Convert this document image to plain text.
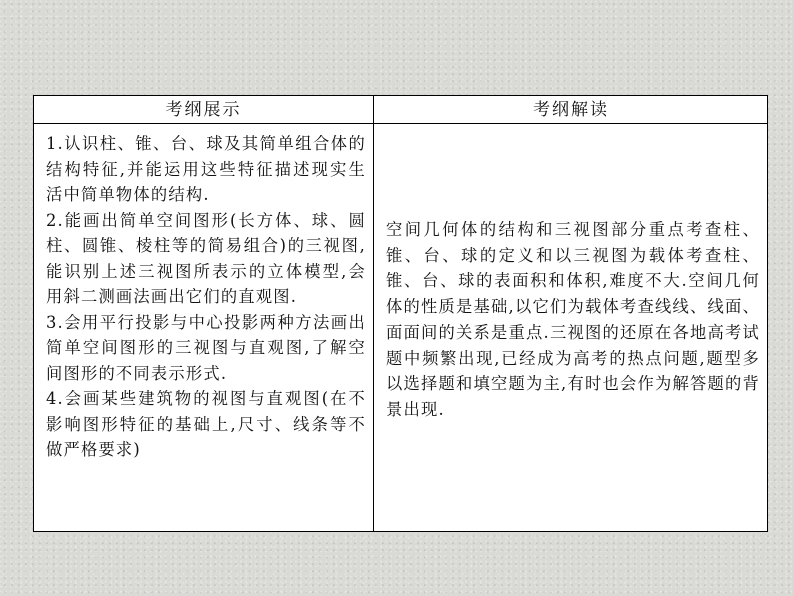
考纲展示	考纲解读

1.认识柱、锥、台、球及其简单组合体的结构特征,并能运用这些特征描述现实生活中简单物体的结构.

2.能画出简单空间图形(长方体、球、圆柱、圆锥、棱柱等的简易组合)的三视图,能识别上述三视图所表示的立体模型,会用斜二测画法画出它们的直观图.

3.会用平行投影与中心投影两种方法画出简单空间图形的三视图与直观图,了解空间图形的不同表示形式.

4.会画某些建筑物的视图与直观图(在不影响图形特征的基础上,尺寸、线条等不做严格要求)

空间几何体的结构和三视图部分重点考查柱、锥、台、球的定义和以三视图为载体考查柱、锥、台、球的表面积和体积,难度不大.空间几何体的性质是基础,以它们为载体考查线线、线面、面面间的关系是重点.三视图的还原在各地高考试题中频繁出现,已经成为高考的热点问题,题型多以选择题和填空题为主,有时也会作为解答题的背景出现.
